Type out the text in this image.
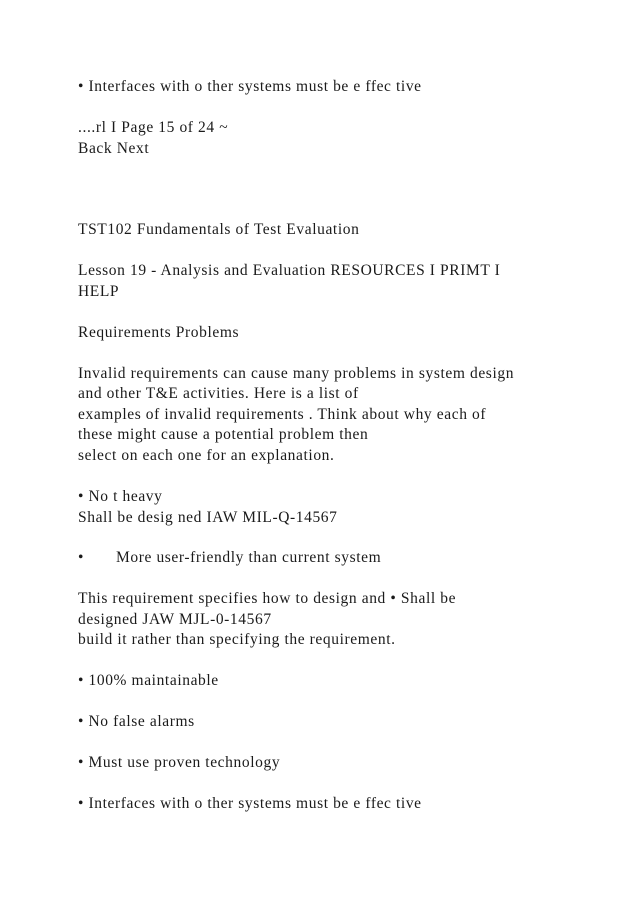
• Interfaces with o ther systems must be e ffec tive

....rl I Page 15 of 24 ~

Back Next

TST102 Fundamentals of Test Evaluation

Lesson 19 - Analysis and Evaluation RESOURCES I PRIMT I

HELP

Requirements Problems

Invalid requirements can cause many problems in system design

and other T&E activities. Here is a list of

examples of invalid requirements . Think about why each of

these might cause a potential problem then

select on each one for an explanation.

• No t heavy

Shall be desig ned IAW MIL-Q-14567

• More user-friendly than current system

This requirement specifies how to design and • Shall be

designed JAW MJL-0-14567

build it rather than specifying the requirement.

• 100% maintainable

• No false alarms

• Must use proven technology

• Interfaces with o ther systems must be e ffec tive
